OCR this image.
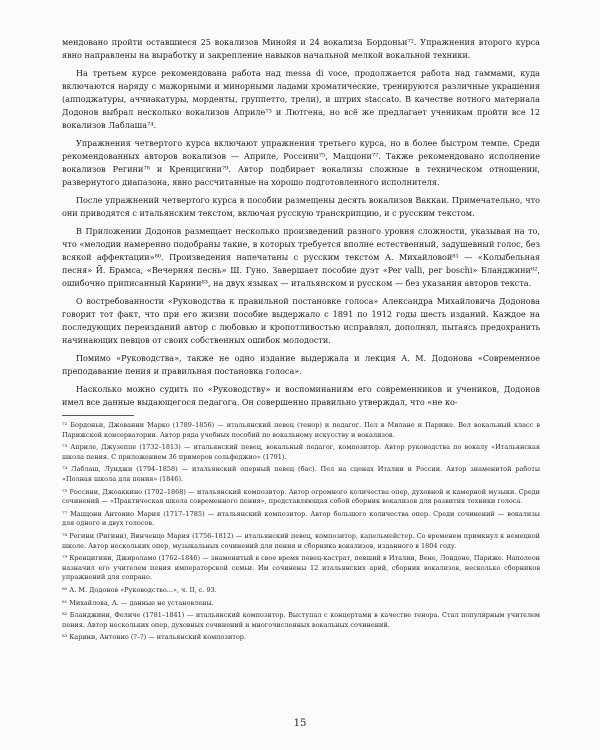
мендовано пройти оставшиеся 25 вокализов Минойя и 24 вокализа Бордоньи⁷². Упражнения второго курса явно направлены на выработку и закрепление навыков начальной мелкой вокальной техники.

На третьем курсе рекомендована работа над messa di voce, продолжается работа над гаммами, куда включаются наряду с мажорными и минорными ладами хроматические, тренируются различные украшения (апподжатуры, аччиакатуры, морденты, группетто, трели), и штрих staccato. В качестве нотного материала Додонов выбрал несколько вокализов Априле⁷³ и Лютгена, но всё же предлагает ученикам пройти все 12 вокализов Лаблаша⁷⁴.

Упражнения четвертого курса включают упражнения третьего курса, но в более быстром темпе. Среди рекомендованных авторов вокализов — Априле, Россини⁷⁵, Маццони⁷⁷. Также рекомендовано исполнение вокализов Регини⁷⁸ и Кренцигини⁷⁹. Автор подбирает вокализы сложные в техническом отношении, развернутого диапазона, явно рассчитанные на хорошо подготовленного исполнителя.

После упражнений четвертого курса в пособии размещены десять вокализов Ваккаи. Примечательно, что они приводятся с итальянским текстом, включая русскую транскрипцию, и с русским текстом.

В Приложении Додонов размещает несколько произведений разного уровня сложности, указывая на то, что «мелодии намеренно подобраны такие, в которых требуется вполне естественный, задушевный голос, без всякой аффектации»⁸⁰. Произведения напечатаны с русским текстом А. Михайловой⁸¹ — «Колыбельная песня» Й. Брамса, «Вечерняя песнь» Ш. Гуно. Завершает пособие дуэт «Per valli, per boschi» Бланджини⁸², ошибочно приписанный Карини⁸³, на двух языках — итальянском и русском — без указания авторов текста.

О востребованности «Руководства к правильной постановке голоса» Александра Михайловича Додонова говорит тот факт, что при его жизни пособие выдержало с 1891 по 1912 годы шесть изданий. Каждое на последующих переизданий автор с любовью и кропотливостью исправлял, дополнял, пытаясь предохранить начинающих певцов от своих собственных ошибок молодости.

Помимо «Руководства», также не одно издание выдержала и лекция А. М. Додонова «Современное преподавание пения и правильная постановка голоса».

Насколько можно судить по «Руководству» и воспоминаниям его современников и учеников, Додонов имел все данные выдающегося педагога. Он совершенно правильно утверждал, что «не ко-

⁷² Бордоньи, Джованни Марко (1789–1856) — итальянский певец (тенор) и педагог. Пел в Милане и Париже. Вел вокальный класс в Парижской консерватории. Автор ряда учебных пособий по вокальному искусству и вокализов.

⁷³ Априле, Джузеппе (1732–1813) — итальянский певец, вокальный педагог, композитор. Автор руководства по вокалу «Итальянская школа пения. С приложением 36 примеров сольфеджио» (1791).

⁷⁴ Лаблаш, Луиджи (1794–1858) — итальянский оперный певец (бас). Пел на сценах Италии и России. Автор знаменитой работы «Полная школа для пения» (1846).

⁷⁵ Россини, Джоаккино (1792–1868) — итальянский композитор. Автор огромного количества опер, духовной и камерной музыки. Среди сочинений — «Практическая школа современного пения», представляющая собой сборник вокализов для развития техники голоса.

⁷⁷ Маццони Антонио Мария (1717–1785) — итальянский композитор. Автор большого количества опер. Среди сочинений — вокализы для одного и двух голосов.

⁷⁸ Регини (Ригини), Винченцо Мария (1756–1812) — итальянский певец, композитор, капельмейстер. Со временем примкнул к немецкой школе. Автор нескольких опер, музыкальных сочинений для пения и сборника вокализов, изданного в 1804 году.

⁷⁹ Кренцигини, Джироламо (1762–1846) — знаменитый в свое время певец-кастрат, певший в Италии, Вене, Лондоне, Париже. Наполеон назначил его учителем пения императорской семьи. Им сочинены 12 итальянских арий, сборник вокализов, несколько сборников упражнений для сопрано.

⁸⁰ А. М. Додонов «Руководство...», ч. II, с. 93.

⁸¹ Михайлова, А. — данные не установлены.

⁸² Бланджини, Феличе (1781–1841) — итальянский композитор. Выступал с концертами в качестве тенора. Стал популярным учителем пения. Автор нескольких опер, духовных сочинений и многочисленных вокальных сочинений.

⁸³ Карини, Антонио (?–?) — итальянский композитор.

15
